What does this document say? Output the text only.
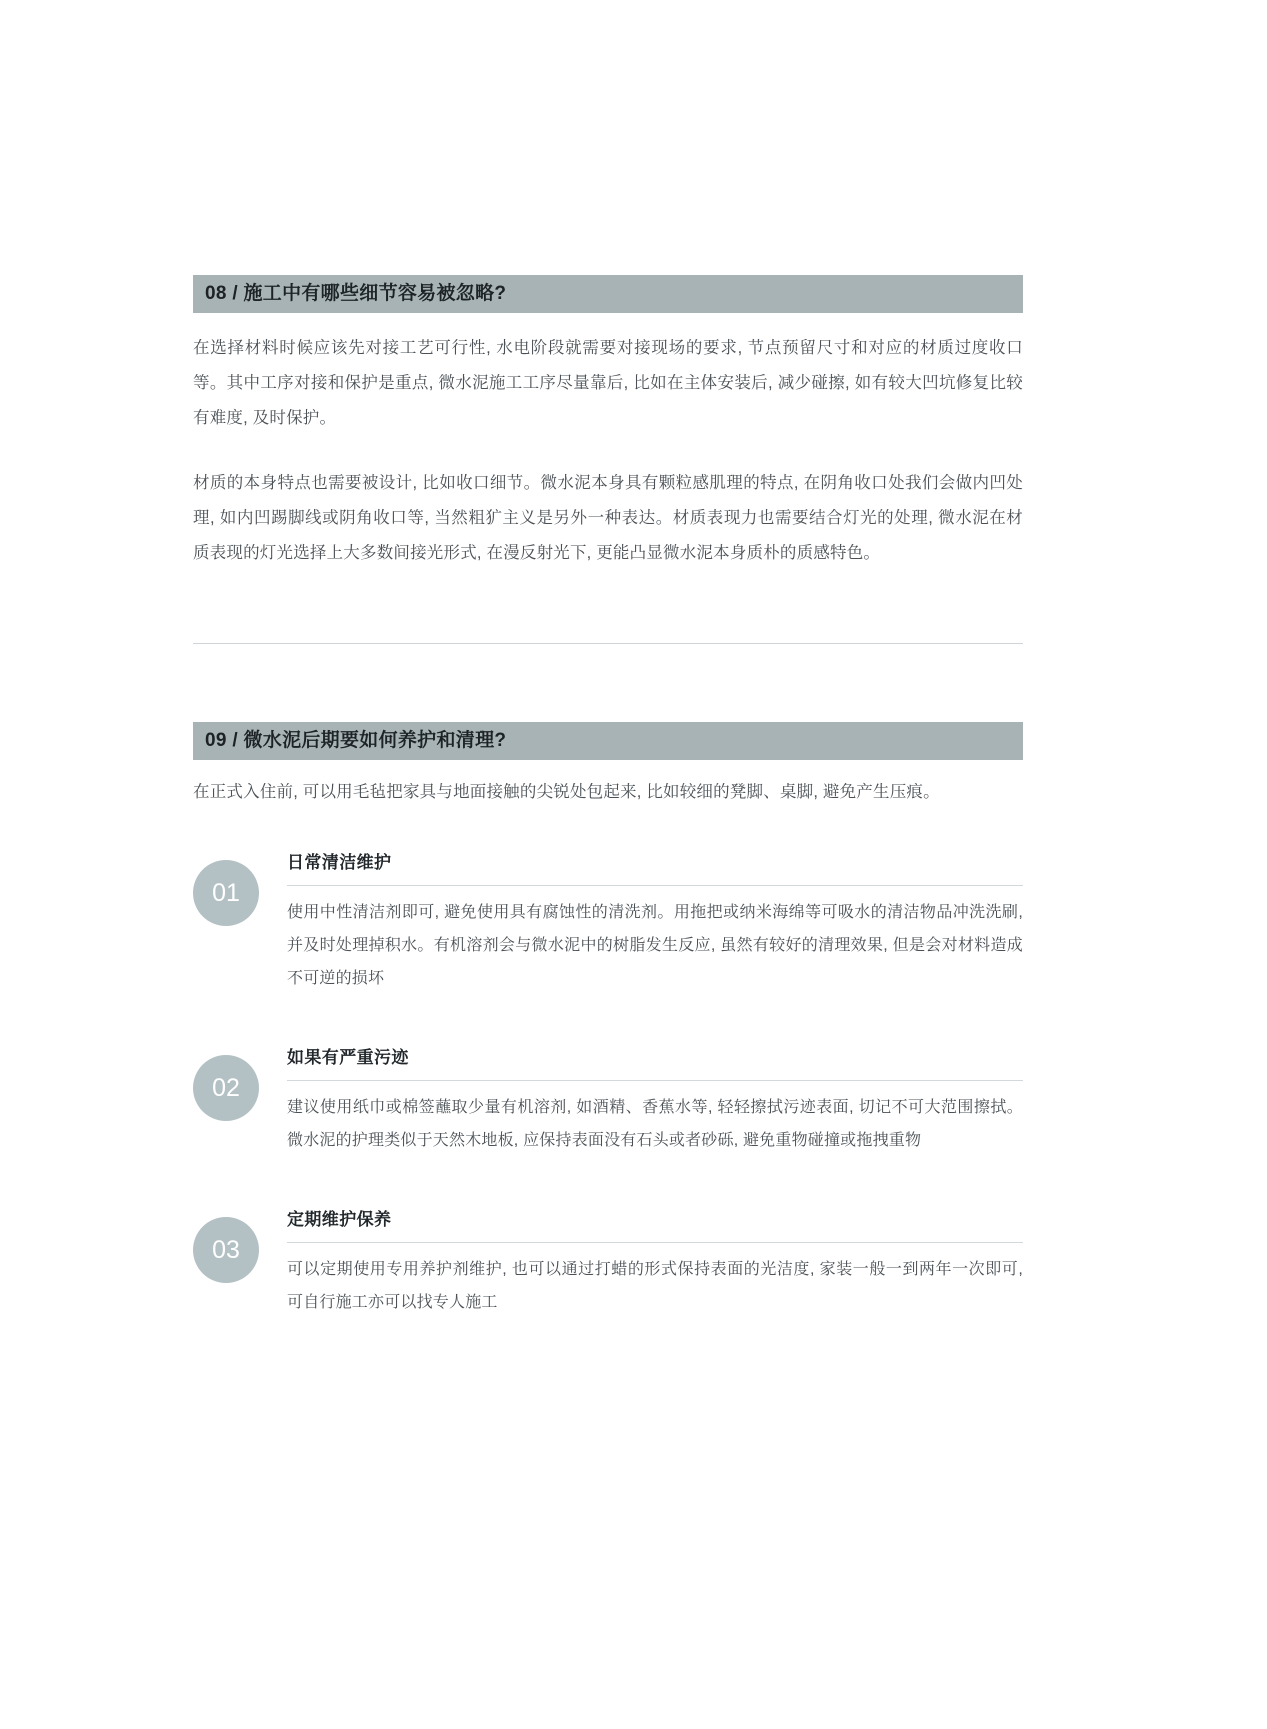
08 / 施工中有哪些细节容易被忽略?
在选择材料时候应该先对接工艺可行性, 水电阶段就需要对接现场的要求, 节点预留尺寸和对应的材质过度收口等。其中工序对接和保护是重点, 微水泥施工工序尽量靠后, 比如在主体安装后, 减少碰擦, 如有较大凹坑修复比较有难度, 及时保护。
材质的本身特点也需要被设计, 比如收口细节。微水泥本身具有颗粒感肌理的特点, 在阴角收口处我们会做内凹处理, 如内凹踢脚线或阴角收口等, 当然粗犷主义是另外一种表达。材质表现力也需要结合灯光的处理, 微水泥在材质表现的灯光选择上大多数间接光形式, 在漫反射光下, 更能凸显微水泥本身质朴的质感特色。
09 / 微水泥后期要如何养护和清理?
在正式入住前, 可以用毛毡把家具与地面接触的尖锐处包起来, 比如较细的凳脚、桌脚, 避免产生压痕。
01
日常清洁维护
使用中性清洁剂即可, 避免使用具有腐蚀性的清洗剂。用拖把或纳米海绵等可吸水的清洁物品冲洗洗刷, 并及时处理掉积水。有机溶剂会与微水泥中的树脂发生反应, 虽然有较好的清理效果, 但是会对材料造成不可逆的损坏
02
如果有严重污迹
建议使用纸巾或棉签蘸取少量有机溶剂, 如酒精、香蕉水等, 轻轻擦拭污迹表面, 切记不可大范围擦拭。微水泥的护理类似于天然木地板, 应保持表面没有石头或者砂砾, 避免重物碰撞或拖拽重物
03
定期维护保养
可以定期使用专用养护剂维护, 也可以通过打蜡的形式保持表面的光洁度, 家装一般一到两年一次即可, 可自行施工亦可以找专人施工
